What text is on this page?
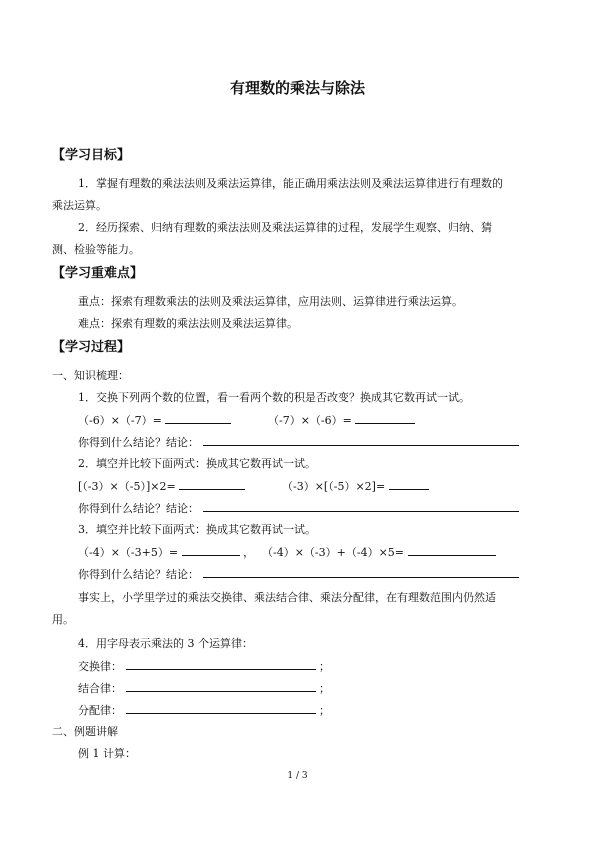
有理数的乘法与除法
【学习目标】
1．掌握有理数的乘法法则及乘法运算律，能正确用乘法法则及乘法运算律进行有理数的
乘法运算。
2．经历探索、归纳有理数的乘法法则及乘法运算律的过程，发展学生观察、归纳、猜
测、检验等能力。
【学习重难点】
重点：探索有理数乘法的法则及乘法运算律，应用法则、运算律进行乘法运算。
难点：探索有理数的乘法法则及乘法运算律。
【学习过程】
一、知识梳理：
1．交换下列两个数的位置，看一看两个数的积是否改变？换成其它数再试一试。
（-6）×（-7）=	（-7）×（-6）=
你得到什么结论？结论：
2．填空并比较下面两式：换成其它数再试一试。
[（-3）×（-5）]×2=	（-3）×[（-5）×2]=
你得到什么结论？结论：
3．填空并比较下面两式：换成其它数再试一试。
（-4）×（-3+5）=	， （-4）×（-3）+（-4）×5=
你得到什么结论？结论：
事实上，小学里学过的乘法交换律、乘法结合律、乘法分配律，在有理数范围内仍然适
用。
4．用字母表示乘法的 3 个运算律：
交换律：	；
结合律：	；
分配律：	；
二、例题讲解
例 1 计算：
1 / 3
